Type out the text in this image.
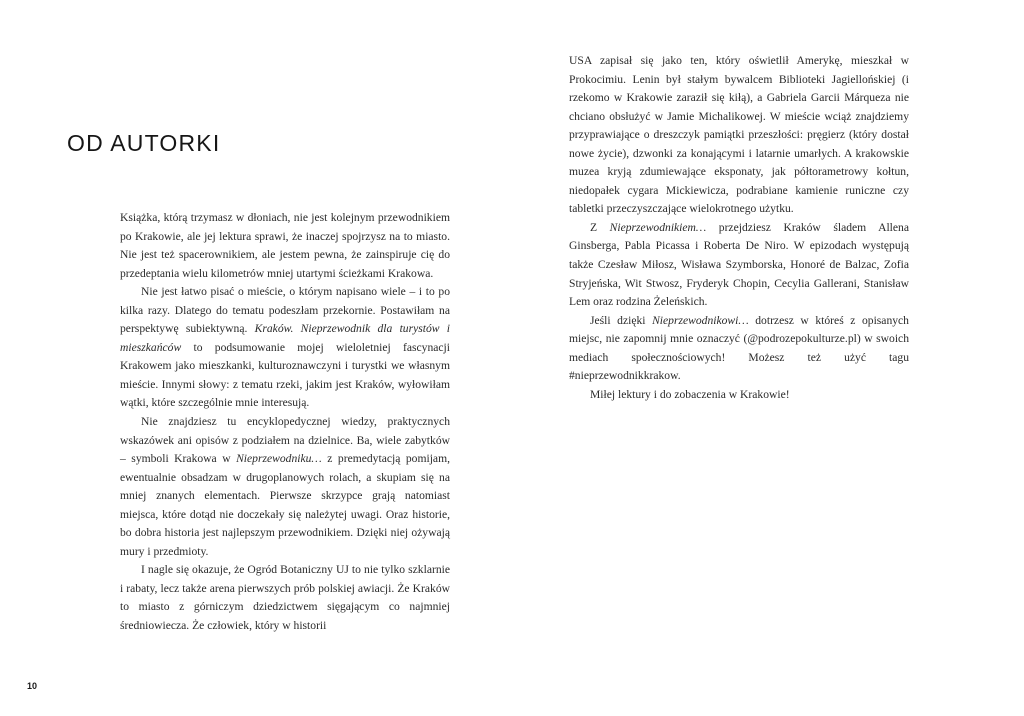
OD AUTORKI

Książka, którą trzymasz w dłoniach, nie jest kolejnym przewodnikiem po Krakowie, ale jej lektura sprawi, że inaczej spojrzysz na to miasto. Nie jest też spacerownikiem, ale jestem pewna, że zainspiruje cię do przedeptania wielu kilometrów mniej utartymi ścieżkami Krakowa.

Nie jest łatwo pisać o mieście, o którym napisano wiele – i to po kilka razy. Dlatego do tematu podeszłam przekornie. Postawiłam na perspektywę subiektywną. Kraków. Nieprzewodnik dla turystów i mieszkańców to podsumowanie mojej wieloletniej fascynacji Krakowem jako mieszkanki, kulturoznawczyni i turystki we własnym mieście. Innymi słowy: z tematu rzeki, jakim jest Kraków, wyłowiłam wątki, które szczególnie mnie interesują.

Nie znajdziesz tu encyklopedycznej wiedzy, praktycznych wskazówek ani opisów z podziałem na dzielnice. Ba, wiele zabytków – symboli Krakowa w Nieprzewodniku… z premedytacją pomijam, ewentualnie obsadzam w drugoplanowych rolach, a skupiam się na mniej znanych elementach. Pierwsze skrzypce grają natomiast miejsca, które dotąd nie doczekały się należytej uwagi. Oraz historie, bo dobra historia jest najlepszym przewodnikiem. Dzięki niej ożywają mury i przedmioty.

I nagle się okazuje, że Ogród Botaniczny UJ to nie tylko szklarnie i rabaty, lecz także arena pierwszych prób polskiej awiacji. Że Kraków to miasto z górniczym dziedzictwem sięgającym co najmniej średniowiecza. Że człowiek, który w historii

10

USA zapisał się jako ten, który oświetlił Amerykę, mieszkał w Prokocimiu. Lenin był stałym bywalcem Biblioteki Jagiellońskiej (i rzekomo w Krakowie zaraził się kiłą), a Gabriela Garcii Márqueza nie chciano obsłużyć w Jamie Michalikowej. W mieście wciąż znajdziemy przyprawiające o dreszczyk pamiątki przeszłości: pręgierz (który dostał nowe życie), dzwonki za konającymi i latarnie umarłych. A krakowskie muzea kryją zdumiewające eksponaty, jak półtorametrowy kołtun, niedopałek cygara Mickiewicza, podrabiane kamienie runiczne czy tabletki przeczyszczające wielokrotnego użytku.

Z Nieprzewodnikiem… przejdziesz Kraków śladem Allena Ginsberga, Pabla Picassa i Roberta De Niro. W epizodach występują także Czesław Miłosz, Wisława Szymborska, Honoré de Balzac, Zofia Stryjeńska, Wit Stwosz, Fryderyk Chopin, Cecylia Gallerani, Stanisław Lem oraz rodzina Żeleńskich.

Jeśli dzięki Nieprzewodnikowi… dotrzesz w któreś z opisanych miejsc, nie zapomnij mnie oznaczyć (@podrozepokulturze.pl) w swoich mediach społecznościowych! Możesz też użyć tagu #nieprzewodnikkrakow.

Miłej lektury i do zobaczenia w Krakowie!
